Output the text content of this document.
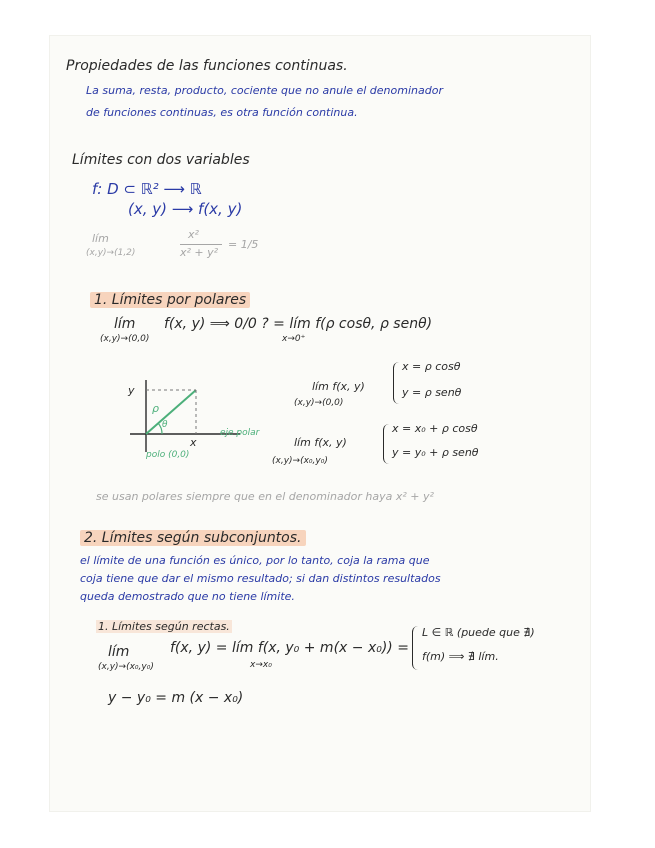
Propiedades de las funciones continuas.
La suma, resta, producto, cociente que no anule el denominador
de funciones continuas, es otra función continua.
Límites con dos variables
f: D ⊂ ℝ² ⟶ ℝ
(x, y) ⟶ f(x, y)
lím
(x,y)→(1,2)
x²
x² + y²
= 1/5
1. Límites por polares
lím
(x,y)→(0,0)
f(x, y) ⟹ 0/0 ? = lím f(ρ cosθ, ρ senθ)
x→0⁺
y
x
ρ
θ
eje polar
polo (0,0)
lím f(x, y)
(x,y)→(0,0)
x = ρ cosθ
y = ρ senθ
lím f(x, y)
(x,y)→(x₀,y₀)
x = x₀ + ρ cosθ
y = y₀ + ρ senθ
se usan polares siempre que en el denominador haya x² + y²
2. Límites según subconjuntos.
el límite de una función es único, por lo tanto, coja la rama que
coja tiene que dar el mismo resultado; si dan distintos resultados
queda demostrado que no tiene límite.
1. Límites según rectas.
lím
(x,y)→(x₀,y₀)
f(x, y) = lím f(x, y₀ + m(x − x₀)) =
x→x₀
L ∈ ℝ (puede que ∄)
f(m) ⟹ ∄ lím.
y − y₀ = m (x − x₀)
